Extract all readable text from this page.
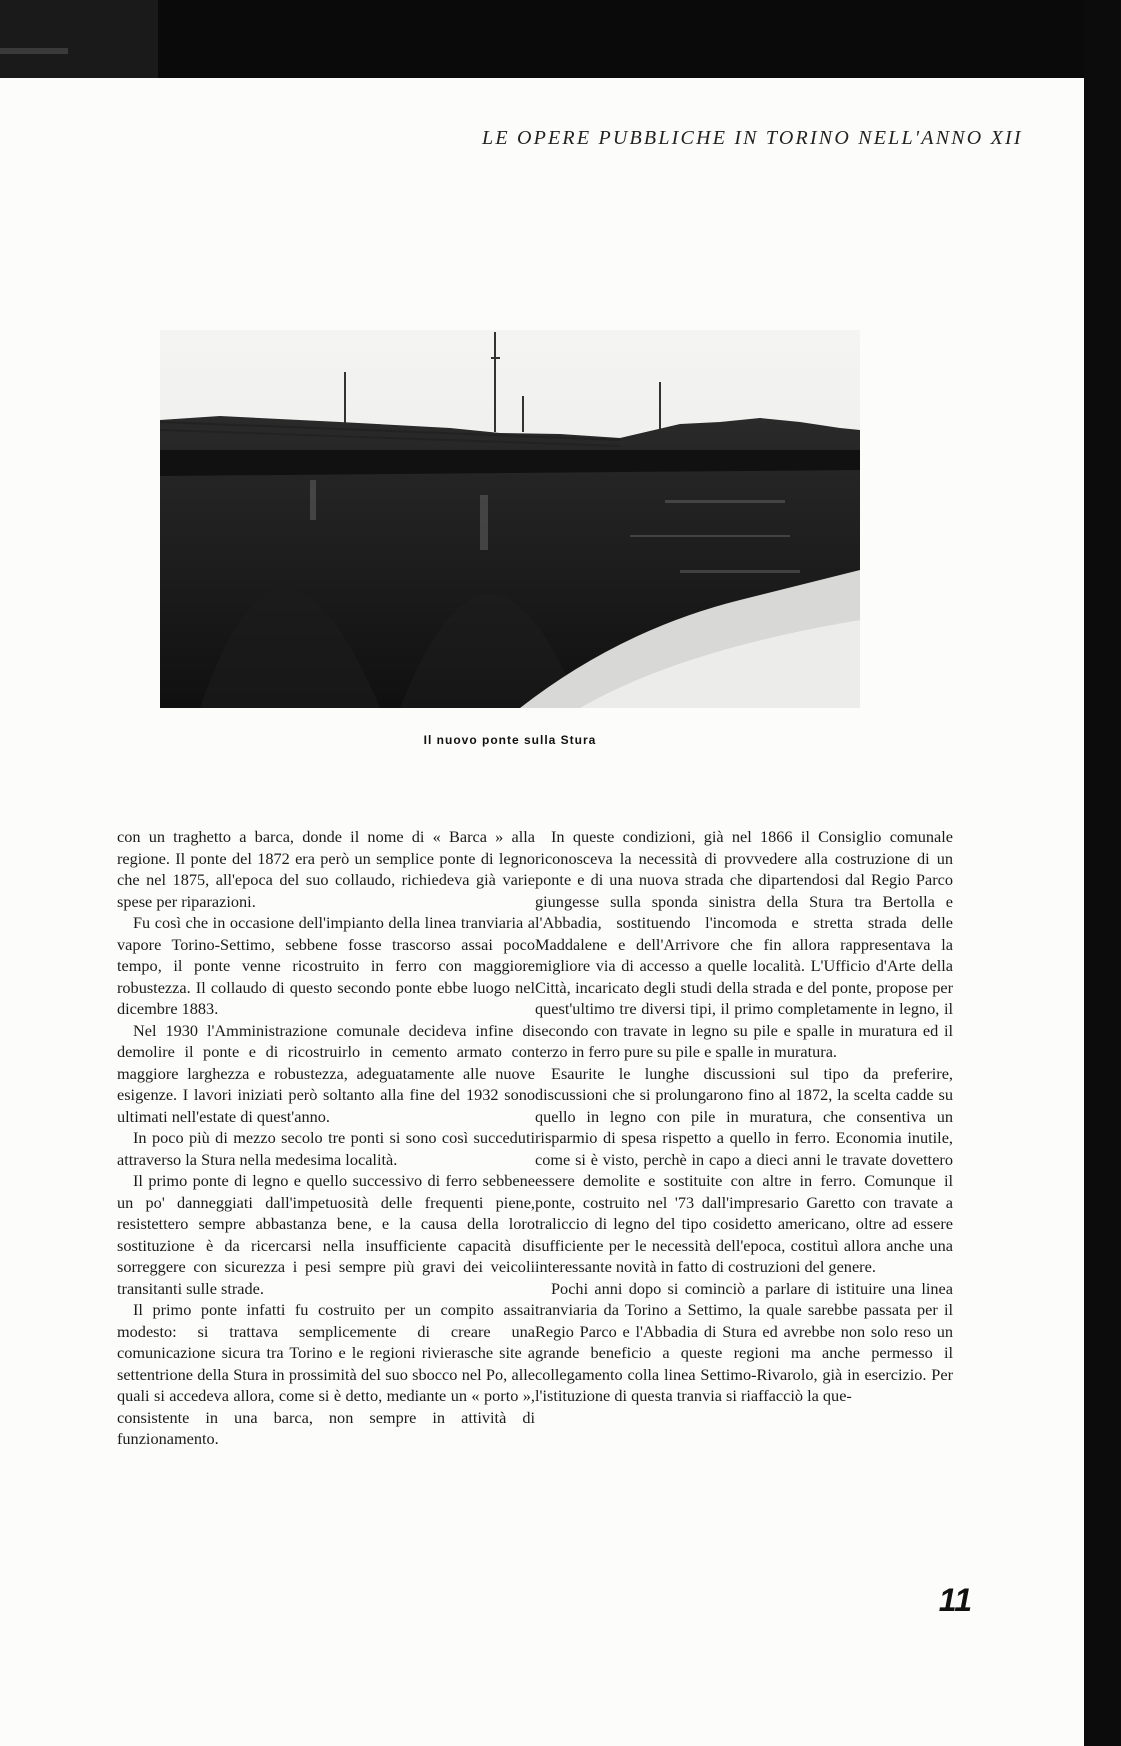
LE OPERE PUBBLICHE IN TORINO NELL'ANNO XII
Il nuovo ponte sulla Stura

con un traghetto a barca, donde il nome di « Barca » alla regione. Il ponte del 1872 era però un semplice ponte di legno che nel 1875, all'epoca del suo collaudo, richiedeva già varie spese per riparazioni.

Fu così che in occasione dell'impianto della linea tranviaria a vapore Torino-Settimo, sebbene fosse trascorso assai poco tempo, il ponte venne ricostruito in ferro con maggiore robustezza. Il collaudo di questo secondo ponte ebbe luogo nel dicembre 1883.

Nel 1930 l'Amministrazione comunale decideva infine di demolire il ponte e di ricostruirlo in cemento armato con maggiore larghezza e robustezza, adeguatamente alle nuove esigenze. I lavori iniziati però soltanto alla fine del 1932 sono ultimati nell'estate di quest'anno.

In poco più di mezzo secolo tre ponti si sono così succeduti attraverso la Stura nella medesima località.

Il primo ponte di legno e quello successivo di ferro sebbene un po' danneggiati dall'impetuosità delle frequenti piene, resistettero sempre abbastanza bene, e la causa della loro sostituzione è da ricercarsi nella insufficiente capacità di sorreggere con sicurezza i pesi sempre più gravi dei veicoli transitanti sulle strade.

Il primo ponte infatti fu costruito per un compito assai modesto: si trattava semplicemente di creare una comunicazione sicura tra Torino e le regioni rivierasche site a settentrione della Stura in prossimità del suo sbocco nel Po, alle quali si accedeva allora, come si è detto, mediante un « porto », consistente in una barca, non sempre in attività di funzionamento.

In queste condizioni, già nel 1866 il Consiglio comunale riconosceva la necessità di provvedere alla costruzione di un ponte e di una nuova strada che dipartendosi dal Regio Parco giungesse sulla sponda sinistra della Stura tra Bertolla e l'Abbadia, sostituendo l'incomoda e stretta strada delle Maddalene e dell'Arrivore che fin allora rappresentava la migliore via di accesso a quelle località. L'Ufficio d'Arte della Città, incaricato degli studi della strada e del ponte, propose per quest'ultimo tre diversi tipi, il primo completamente in legno, il secondo con travate in legno su pile e spalle in muratura ed il terzo in ferro pure su pile e spalle in muratura.

Esaurite le lunghe discussioni sul tipo da preferire, discussioni che si prolungarono fino al 1872, la scelta cadde su quello in legno con pile in muratura, che consentiva un risparmio di spesa rispetto a quello in ferro. Economia inutile, come si è visto, perchè in capo a dieci anni le travate dovettero essere demolite e sostituite con altre in ferro. Comunque il ponte, costruito nel '73 dall'impresario Garetto con travate a traliccio di legno del tipo cosidetto americano, oltre ad essere sufficiente per le necessità dell'epoca, costituì allora anche una interessante novità in fatto di costruzioni del genere.

Pochi anni dopo si cominciò a parlare di istituire una linea tranviaria da Torino a Settimo, la quale sarebbe passata per il Regio Parco e l'Abbadia di Stura ed avrebbe non solo reso un grande beneficio a queste regioni ma anche permesso il collegamento colla linea Settimo-Rivarolo, già in esercizio. Per l'istituzione di questa tranvia si riaffacciò la que-

11
